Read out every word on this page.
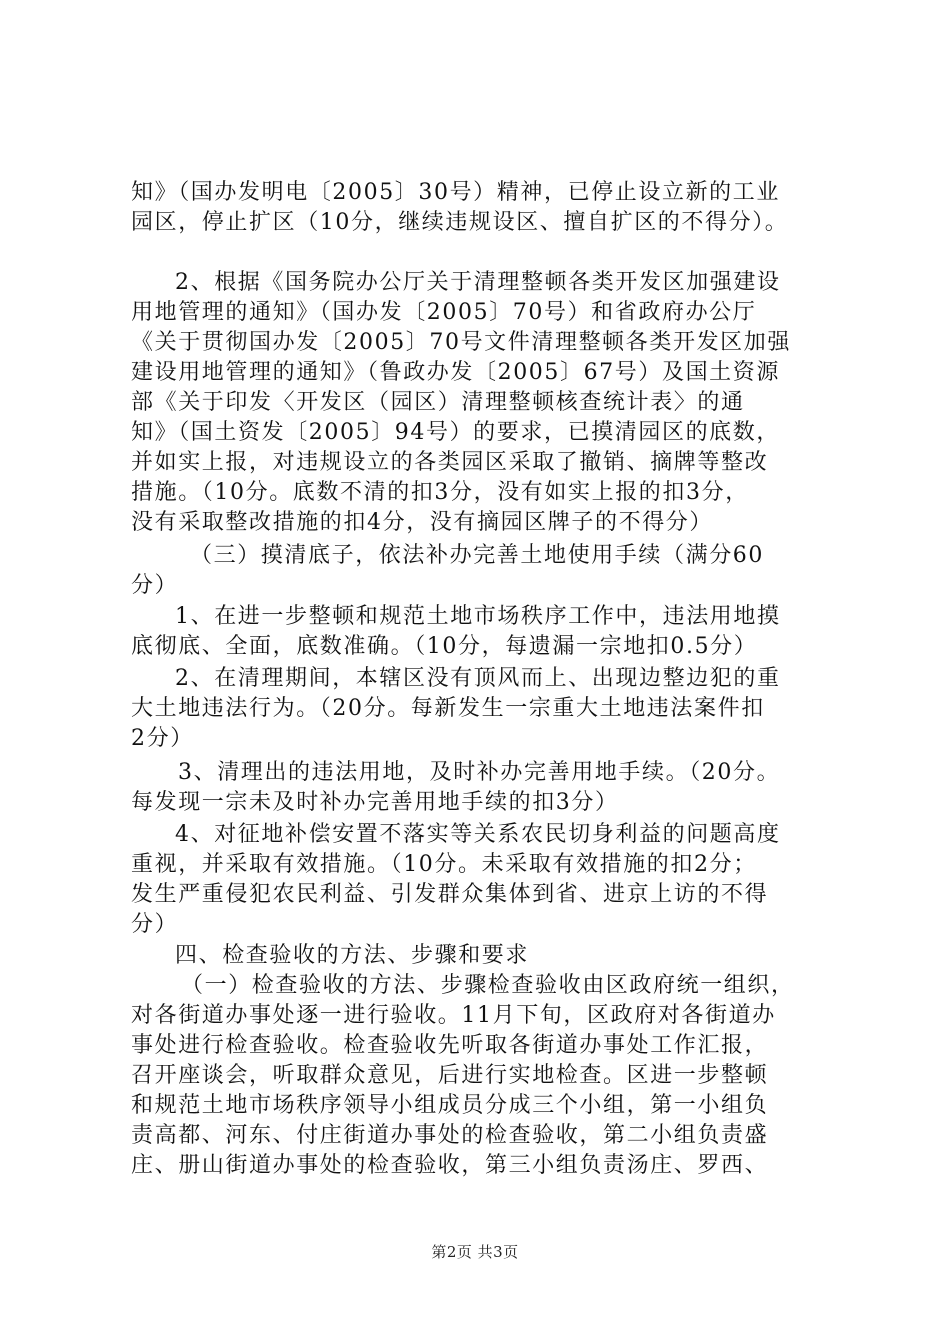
知》（国办发明电〔2005〕30号）精神，已停止设立新的工业
园区，停止扩区（10分，继续违规设区、擅自扩区的不得分）。
2、根据《国务院办公厅关于清理整顿各类开发区加强建设
用地管理的通知》（国办发〔2005〕70号）和省政府办公厅
《关于贯彻国办发〔2005〕70号文件清理整顿各类开发区加强
建设用地管理的通知》（鲁政办发〔2005〕67号）及国土资源
部《关于印发〈开发区（园区）清理整顿核查统计表〉的通
知》（国土资发〔2005〕94号）的要求，已摸清园区的底数，
并如实上报，对违规设立的各类园区采取了撤销、摘牌等整改
措施。（10分。底数不清的扣3分，没有如实上报的扣3分，
没有采取整改措施的扣4分，没有摘园区牌子的不得分）
（三）摸清底子，依法补办完善土地使用手续（满分60
分）
1、在进一步整顿和规范土地市场秩序工作中，违法用地摸
底彻底、全面，底数准确。（10分，每遗漏一宗地扣0.5分）
2、在清理期间，本辖区没有顶风而上、出现边整边犯的重
大土地违法行为。（20分。每新发生一宗重大土地违法案件扣
2分）
3、清理出的违法用地，及时补办完善用地手续。（20分。
每发现一宗未及时补办完善用地手续的扣3分）
4、对征地补偿安置不落实等关系农民切身利益的问题高度
重视，并采取有效措施。（10分。未采取有效措施的扣2分；
发生严重侵犯农民利益、引发群众集体到省、进京上访的不得
分）
四、检查验收的方法、步骤和要求
（一）检查验收的方法、步骤检查验收由区政府统一组织，
对各街道办事处逐一进行验收。11月下旬，区政府对各街道办
事处进行检查验收。检查验收先听取各街道办事处工作汇报，
召开座谈会，听取群众意见，后进行实地检查。区进一步整顿
和规范土地市场秩序领导小组成员分成三个小组，第一小组负
责高都、河东、付庄街道办事处的检查验收，第二小组负责盛
庄、册山街道办事处的检查验收，第三小组负责汤庄、罗西、
第2页 共3页
